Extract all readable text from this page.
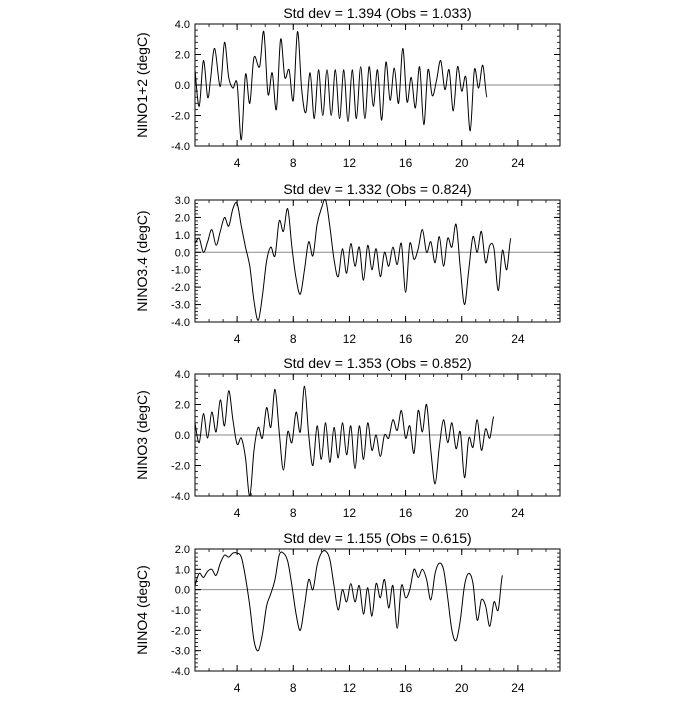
Std dev = 1.394 (Obs = 1.033)
NINO1+2 (degC)
-4.0
-2.0
0.0
2.0
4.0
4	8	12	16	20	24
Std dev = 1.332 (Obs = 0.824)
NINO3.4 (degC)
-4.0
-3.0
-2.0
-1.0
0.0
1.0
2.0
3.0
4	8	12	16	20	24
Std dev = 1.353 (Obs = 0.852)
NINO3 (degC)
-4.0
-2.0
0.0
2.0
4.0
4	8	12	16	20	24
Std dev = 1.155 (Obs = 0.615)
NINO4 (degC)
-4.0
-3.0
-2.0
-1.0
0.0
1.0
2.0
4	8	12	16	20	24
